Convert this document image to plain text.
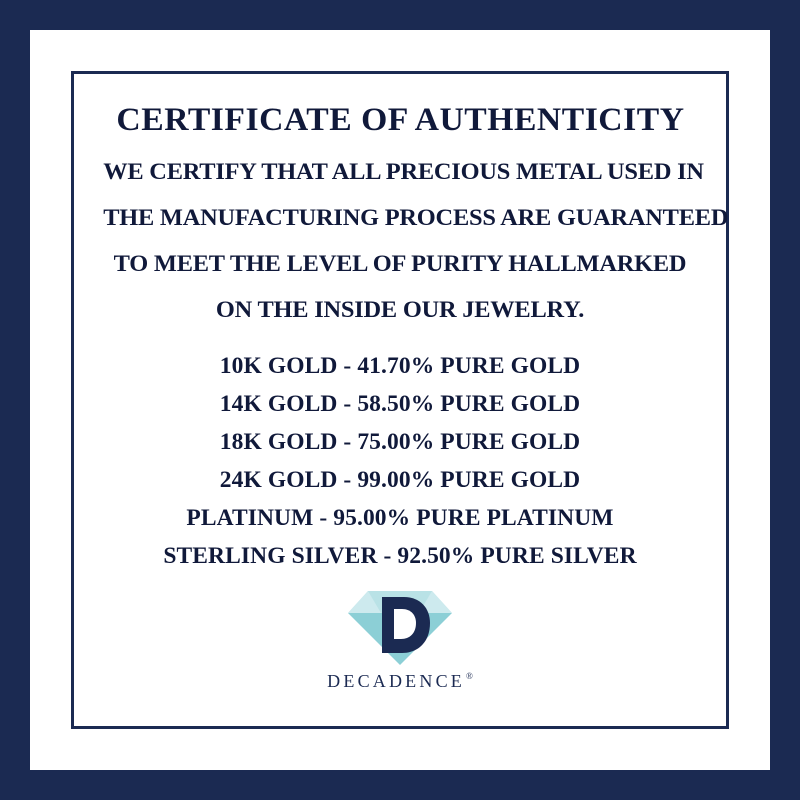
CERTIFICATE OF AUTHENTICITY
WE CERTIFY THAT ALL PRECIOUS METAL USED IN
THE MANUFACTURING PROCESS ARE GUARANTEED
TO MEET THE LEVEL OF PURITY HALLMARKED
ON THE INSIDE OUR JEWELRY.
10K GOLD - 41.70% PURE GOLD
14K GOLD - 58.50% PURE GOLD
18K GOLD - 75.00% PURE GOLD
24K GOLD - 99.00% PURE GOLD
PLATINUM - 95.00% PURE PLATINUM
STERLING SILVER - 92.50% PURE SILVER
DECADENCE ®
